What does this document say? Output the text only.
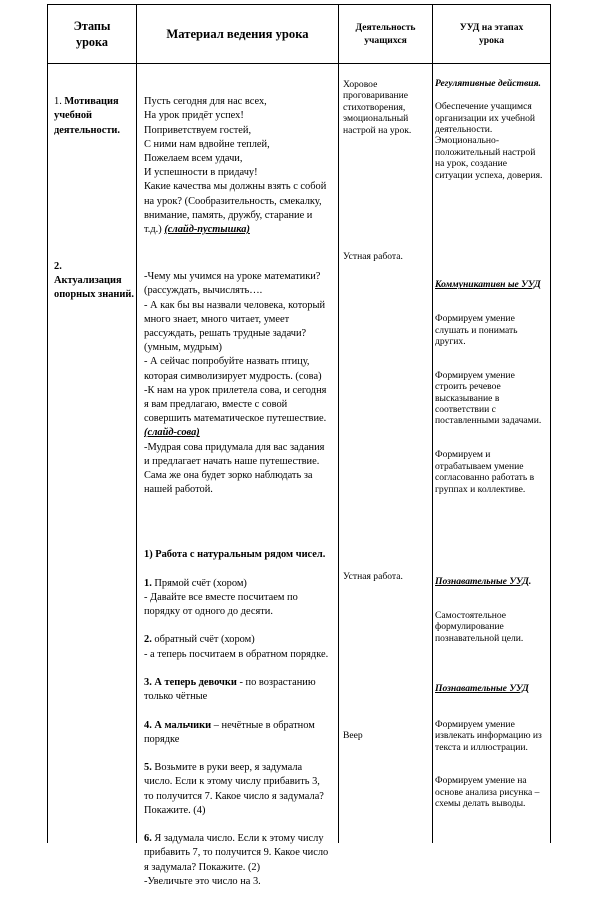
Этапы
урока
Материал ведения урока	Деятельность
учащихся
УУД на этапах
урока

1. Мотивация учебной деятельности.

2.
Актуализация опорных знаний.

Пусть сегодня для нас всех,
На урок придёт успех!
Поприветствуем гостей,
С ними нам вдвойне теплей,
Пожелаем всем удачи,
И успешности в придачу!
Какие качества мы должны взять с собой на урок? (Сообразительность, смекалку, внимание, память, дружбу, старание и т.д.) (слайд-пустышка)

-Чему мы учимся на уроке математики? (рассуждать, вычислять….
- А как бы вы назвали человека, который много знает, много читает, умеет рассуждать, решать трудные задачи? (умным, мудрым)
- А сейчас попробуйте назвать птицу, которая символизирует мудрость. (сова)
-К нам на урок прилетела сова, и сегодня я вам предлагаю, вместе с совой совершить математическое путешествие. (слайд-сова)
-Мудрая сова придумала для вас задания и предлагает начать наше путешествие. Сама же она будет зорко наблюдать за нашей работой.

1) Работа с натуральным рядом чисел.

1. Прямой счёт (хором)
- Давайте все вместе посчитаем по порядку от одного до десяти.

2. обратный счёт (хором)
- а теперь посчитаем в обратном порядке.

3. А теперь девочки - по возрастанию только чётные

4. А мальчики – нечётные в обратном порядке

5. Возьмите в руки веер, я задумала число. Если к этому числу прибавить 3, то получится 7. Какое число я задумала? Покажите. (4)

6. Я задумала число. Если к этому числу прибавить 7, то получится 9. Какое число я задумала? Покажите. (2)
-Увеличьте это число на 3.

Хоровое проговаривание стихотворения, эмоциональный настрой на урок.
Устная работа.
Устная работа.
Веер

Регулятивные действия.

Обеспечение учащимся организации их учебной деятельности. Эмоционально-положительный настрой на урок, создание ситуации успеха, доверия.

Коммуникативн ые УУД

Формируем умение слушать и понимать других.

Формируем умение строить речевое высказывание в соответствии с поставленными задачами.

Формируем и отрабатываем умение согласованно работать в группах и коллективе.

Познавательные УУД.

Самостоятельное формулирование познавательной цели.

Познавательные УУД

Формируем умение извлекать информацию из текста и иллюстрации.

Формируем умение на основе анализа рисунка – схемы делать выводы.
